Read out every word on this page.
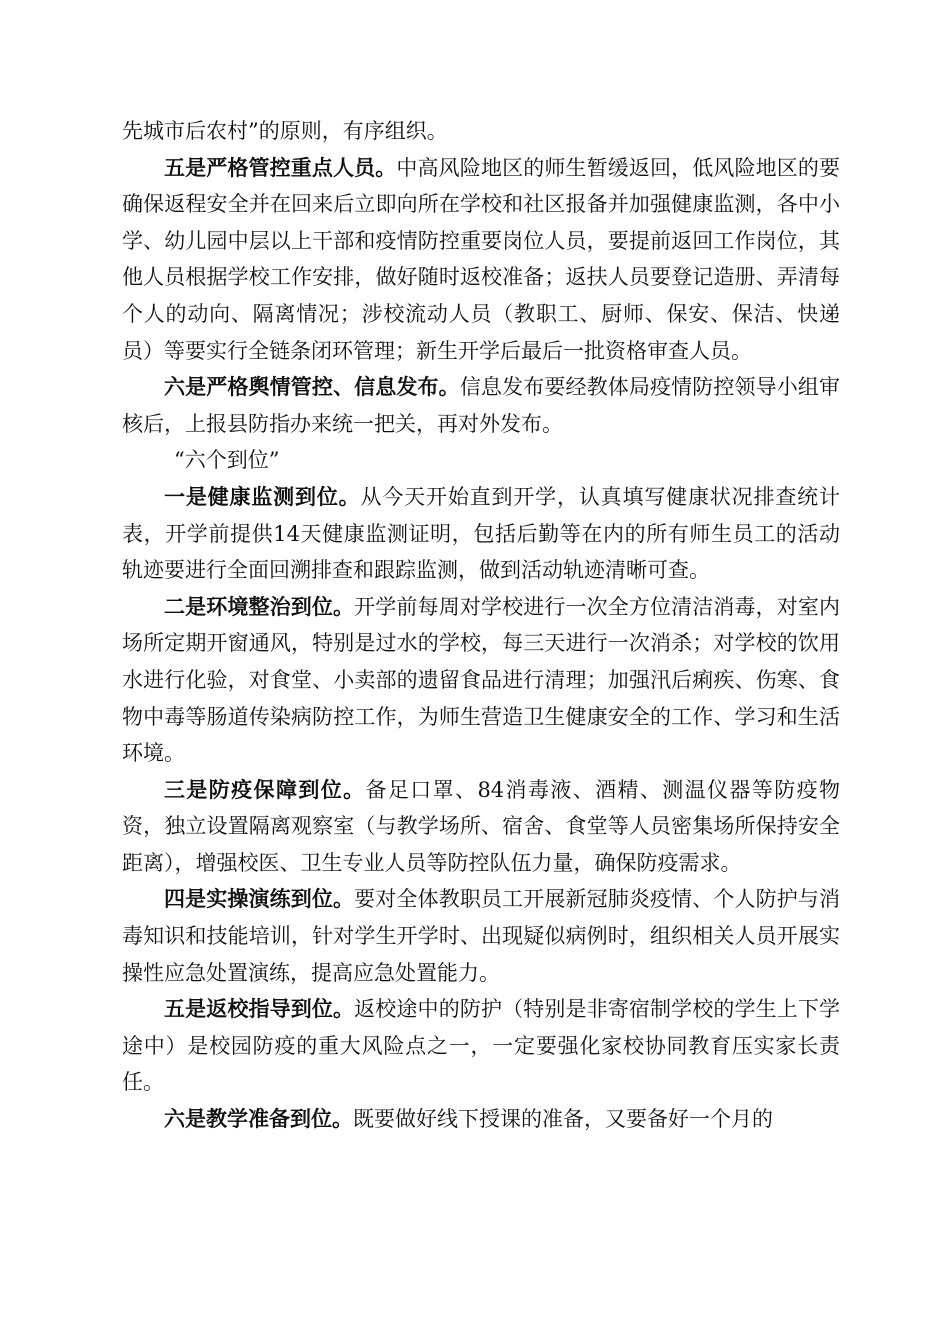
先城市后农村”的原则，有序组织。

五是严格管控重点人员。中高风险地区的师生暂缓返回，低风险地区的要确保返程安全并在回来后立即向所在学校和社区报备并加强健康监测，各中小学、幼儿园中层以上干部和疫情防控重要岗位人员，要提前返回工作岗位，其他人员根据学校工作安排，做好随时返校准备；返扶人员要登记造册、弄清每个人的动向、隔离情况；涉校流动人员（教职工、厨师、保安、保洁、快递员）等要实行全链条闭环管理；新生开学后最后一批资格审查人员。

六是严格舆情管控、信息发布。信息发布要经教体局疫情防控领导小组审核后，上报县防指办来统一把关，再对外发布。

“六个到位”

一是健康监测到位。从今天开始直到开学，认真填写健康状况排查统计表，开学前提供14天健康监测证明，包括后勤等在内的所有师生员工的活动轨迹要进行全面回溯排查和跟踪监测，做到活动轨迹清晰可查。

二是环境整治到位。开学前每周对学校进行一次全方位清洁消毒，对室内场所定期开窗通风，特别是过水的学校，每三天进行一次消杀；对学校的饮用水进行化验，对食堂、小卖部的遗留食品进行清理；加强汛后痢疾、伤寒、食物中毒等肠道传染病防控工作，为师生营造卫生健康安全的工作、学习和生活环境。

三是防疫保障到位。备足口罩、84消毒液、酒精、测温仪器等防疫物资，独立设置隔离观察室（与教学场所、宿舍、食堂等人员密集场所保持安全距离），增强校医、卫生专业人员等防控队伍力量，确保防疫需求。

四是实操演练到位。要对全体教职员工开展新冠肺炎疫情、个人防护与消毒知识和技能培训，针对学生开学时、出现疑似病例时，组织相关人员开展实操性应急处置演练，提高应急处置能力。

五是返校指导到位。返校途中的防护（特别是非寄宿制学校的学生上下学途中）是校园防疫的重大风险点之一，一定要强化家校协同教育压实家长责任。

六是教学准备到位。既要做好线下授课的准备，又要备好一个月的
